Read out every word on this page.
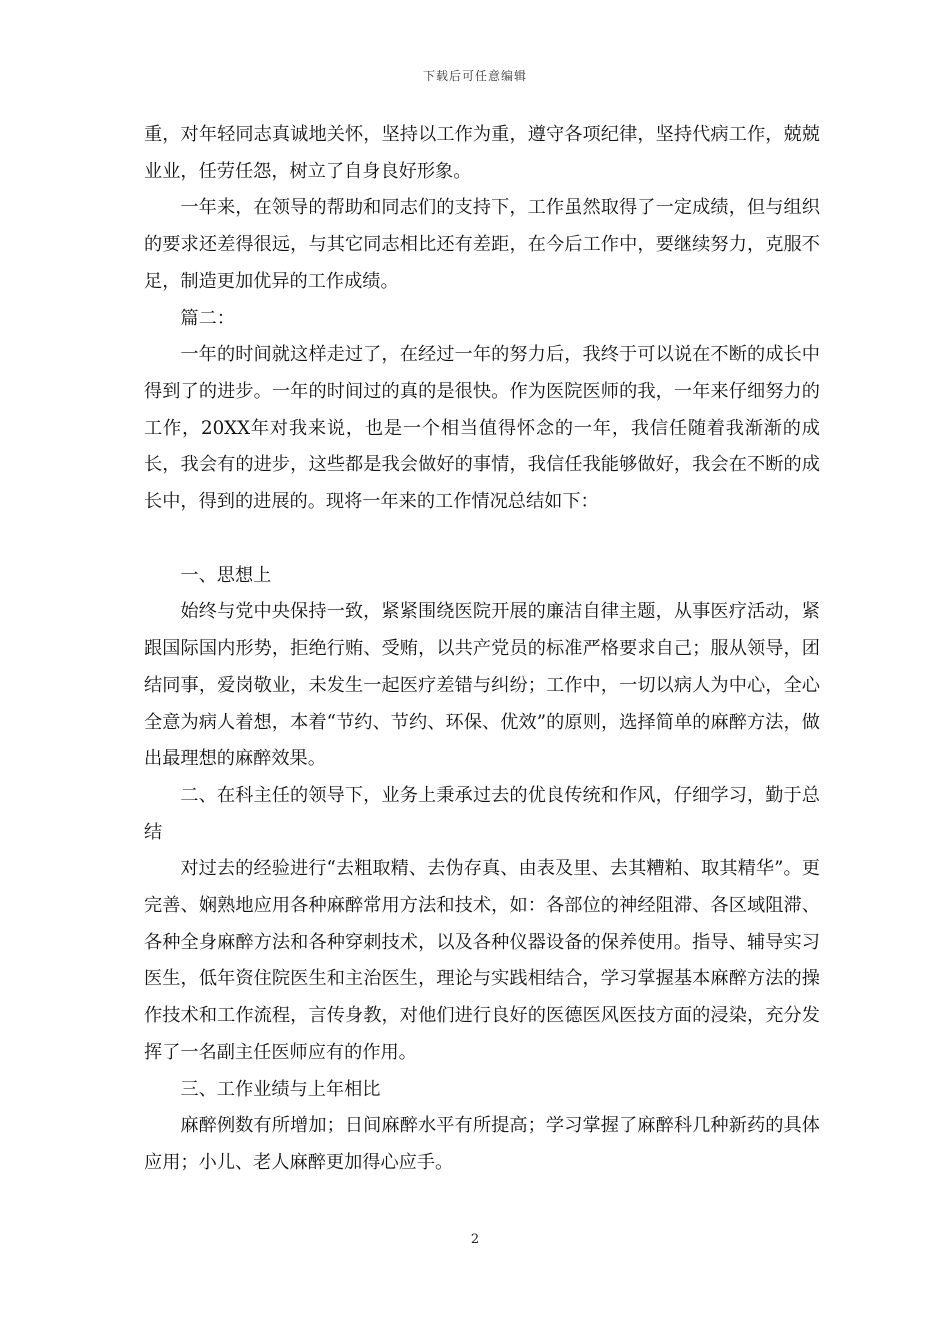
下载后可任意编辑

重，对年轻同志真诚地关怀，坚持以工作为重，遵守各项纪律，坚持代病工作，兢兢业业，任劳任怨，树立了自身良好形象。

一年来，在领导的帮助和同志们的支持下，工作虽然取得了一定成绩，但与组织的要求还差得很远，与其它同志相比还有差距，在今后工作中，要继续努力，克服不足，制造更加优异的工作成绩。

篇二：

一年的时间就这样走过了，在经过一年的努力后，我终于可以说在不断的成长中得到了的进步。一年的时间过的真的是很快。作为医院医师的我，一年来仔细努力的工作，20XX年对我来说，也是一个相当值得怀念的一年，我信任随着我渐渐的成长，我会有的进步，这些都是我会做好的事情，我信任我能够做好，我会在不断的成长中，得到的进展的。现将一年来的工作情况总结如下：

一、思想上

始终与党中央保持一致，紧紧围绕医院开展的廉洁自律主题，从事医疗活动，紧跟国际国内形势，拒绝行贿、受贿，以共产党员的标准严格要求自己；服从领导，团结同事，爱岗敬业，未发生一起医疗差错与纠纷；工作中，一切以病人为中心，全心全意为病人着想，本着“节约、节约、环保、优效”的原则，选择简单的麻醉方法，做出最理想的麻醉效果。

二、在科主任的领导下，业务上秉承过去的优良传统和作风，仔细学习，勤于总结

对过去的经验进行“去粗取精、去伪存真、由表及里、去其糟粕、取其精华”。更完善、娴熟地应用各种麻醉常用方法和技术，如：各部位的神经阻滞、各区域阻滞、各种全身麻醉方法和各种穿刺技术，以及各种仪器设备的保养使用。指导、辅导实习医生，低年资住院医生和主治医生，理论与实践相结合，学习掌握基本麻醉方法的操作技术和工作流程，言传身教，对他们进行良好的医德医风医技方面的浸染，充分发挥了一名副主任医师应有的作用。

三、工作业绩与上年相比

麻醉例数有所增加；日间麻醉水平有所提高；学习掌握了麻醉科几种新药的具体应用；小儿、老人麻醉更加得心应手。

2
